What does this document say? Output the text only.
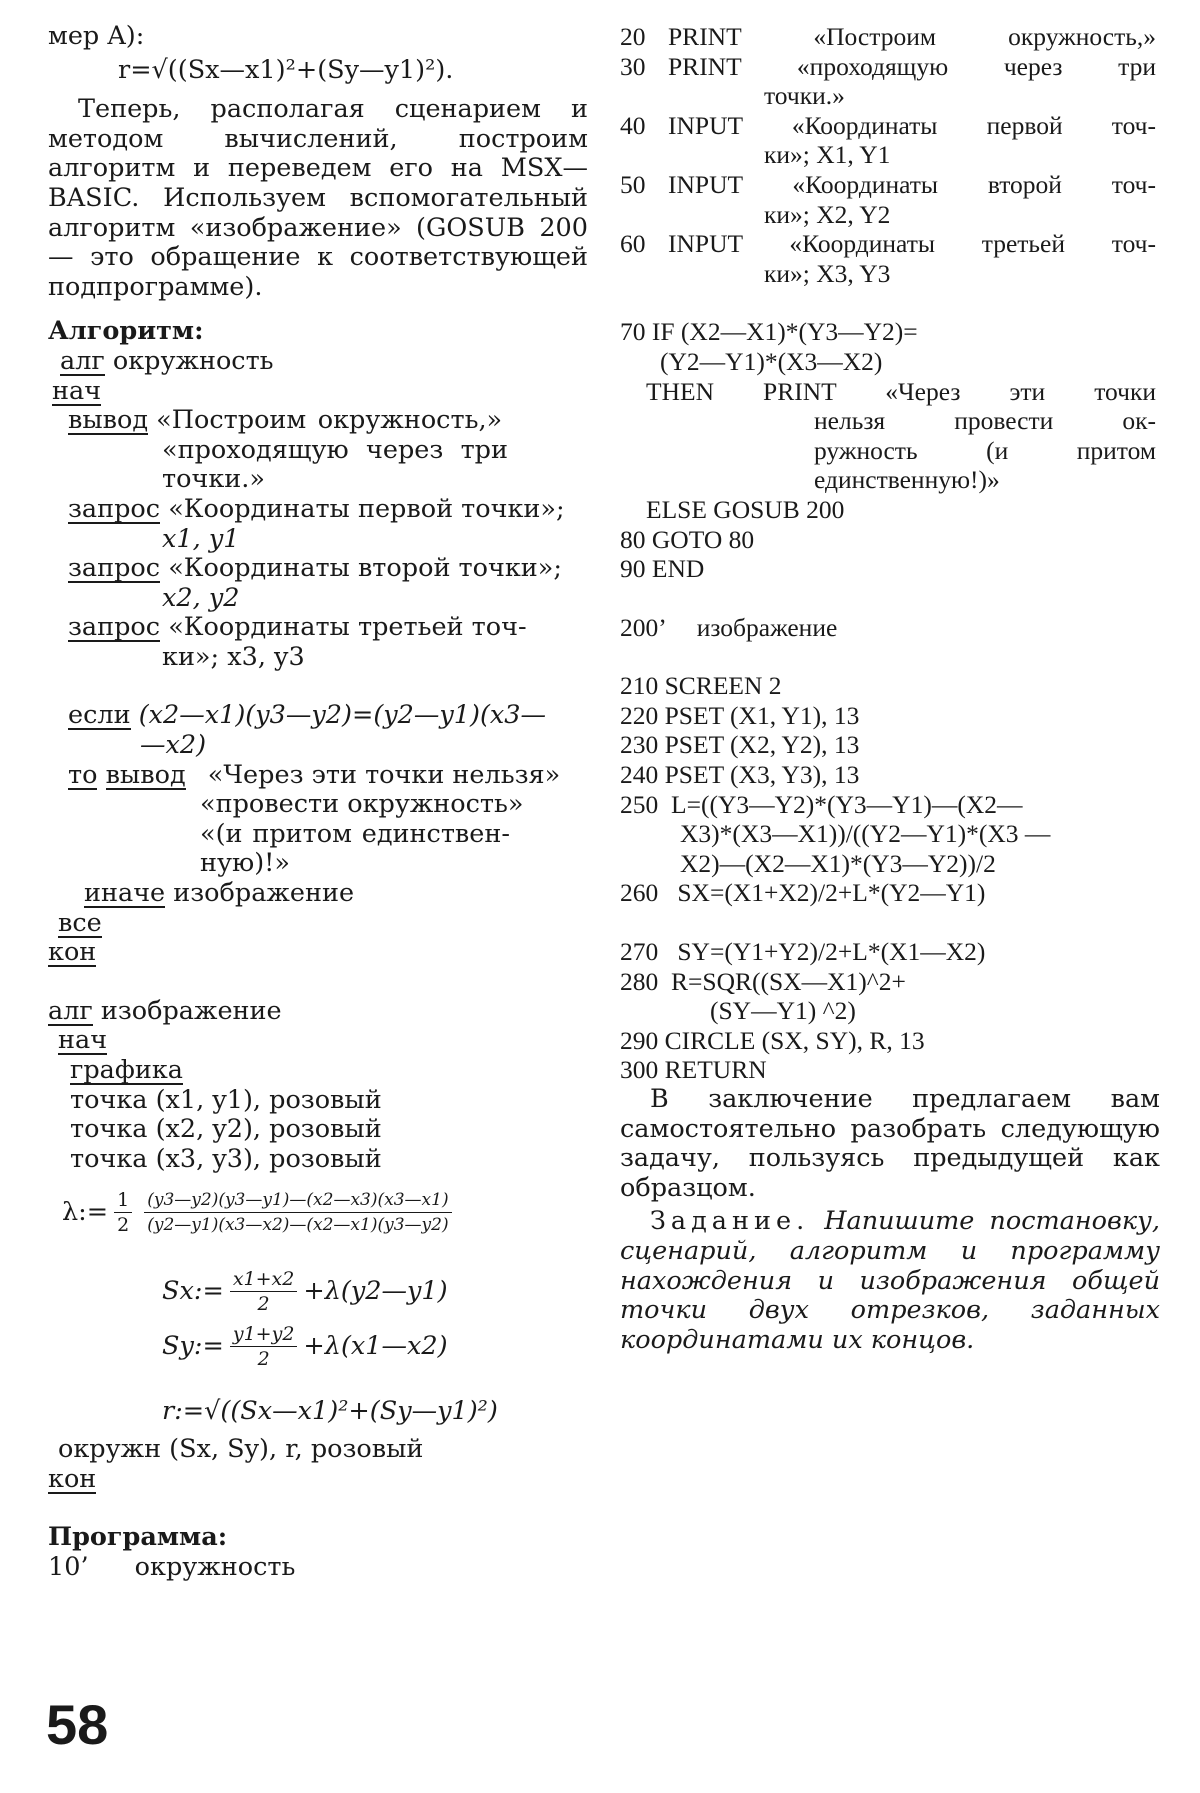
мер A):
r=√((Sx—x1)²+(Sy—y1)²).
Теперь, располагая сценарием и методом вычислений, построим алгоритм и переведем его на MSX—BASIC. Используем вспомогательный алгоритм «изображение» (GOSUB 200 — это обращение к соответствующей подпрограмме).
Алгоритм:
алг окружность
нач
вывод «Построим окружность,»
«проходящую через три
точки.»
запрос «Координаты первой точки»;
x1, y1
запрос «Координаты второй точки»;
x2, y2
запрос «Координаты третьей точ-
ки»; x3, y3
если (x2—x1)(y3—y2)=(y2—y1)(x3—
—x2)
то вывод «Через эти точки нельзя»
«провести окружность»
«(и притом единствен-
ную)!»
иначе изображение
все
кон
алг изображение
нач
графика
точка (x1, y1), розовый
точка (x2, y2), розовый
точка (x3, y3), розовый
λ:= $\frac{1}{2} \frac{(y3—y2)(y3—y1)—(x2—x3)(x3—x1)}{(y2—y1)(x3—x2)—(x2—x1)(y3—y2)}$
Sx:= $\frac{x1+x2}{2}$ +λ(y2—y1)
Sy:= $\frac{y1+y2}{2}$ +λ(x1—x2)
r:=√((Sx—x1)²+(Sy—y1)²)
окружн (Sx, Sy), r, розовый
кон
Программа:
10’ окружность
20 PRINT «Построим окружность,»
30 PRINT «проходящую через три
точки.»
40 INPUT «Координаты первой точ-
ки»; X1, Y1
50 INPUT «Координаты второй точ-
ки»; X2, Y2
60 INPUT «Координаты третьей точ-
ки»; X3, Y3
70 IF (X2—X1)*(Y3—Y2)=
(Y2—Y1)*(X3—X2)
THEN PRINT «Через эти точки
нельзя провести ок-
ружность (и притом
единственную!)»
ELSE GOSUB 200
80 GOTO 80
90 END
200’     изображение
210 SCREEN 2
220 PSET (X1, Y1), 13
230 PSET (X2, Y2), 13
240 PSET (X3, Y3), 13
250  L=((Y3—Y2)*(Y3—Y1)—(X2—
X3)*(X3—X1))/((Y2—Y1)*(X3 —
X2)—(X2—X1)*(Y3—Y2))/2
260   SX=(X1+X2)/2+L*(Y2—Y1)
270   SY=(Y1+Y2)/2+L*(X1—X2)
280  R=SQR((SX—X1)^2+
(SY—Y1) ^2)
290 CIRCLE (SX, SY), R, 13
300 RETURN
В заключение предлагаем вам самостоятельно разобрать следующую задачу, пользуясь предыдущей как образцом.
Задание. Напишите постановку, сценарий, алгоритм и программу нахождения и изображения общей точки двух отрезков, заданных координатами их концов.
58
